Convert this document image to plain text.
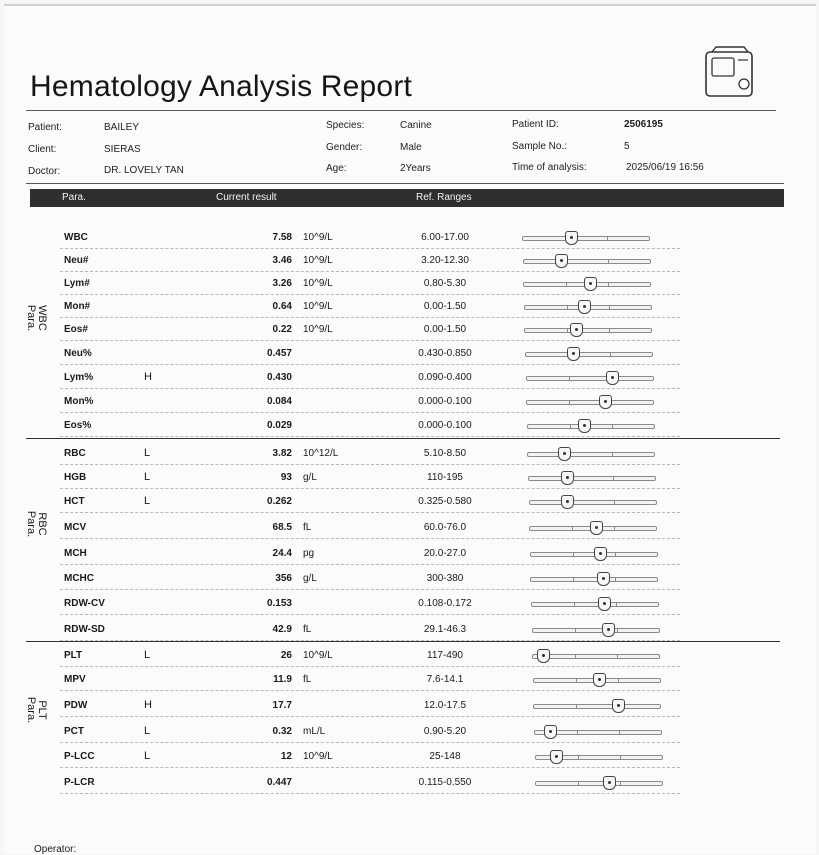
Hematology Analysis Report
Patient:	BAILEY	Species:	Canine	Patient ID:	2506195
Client:	SIERAS	Gender:	Male	Sample No.:	5
Doctor:	DR. LOVELY TAN	Age:	2Years	Time of analysis:	2025/06/19 16:56
Para.	Current result	Ref. Ranges
WBC
Para.
RBC
Para.
PLT
Para.
WBC	7.58 10^9/L	6.00-17.00
Neu#	3.46 10^9/L	3.20-12.30
Lym#	3.26 10^9/L	0.80-5.30
Mon#	0.64 10^9/L	0.00-1.50
Eos#	0.22 10^9/L	0.00-1.50
Neu%	0.457	0.430-0.850
Lym%	H	0.430	0.090-0.400
Mon%	0.084	0.000-0.100
Eos%	0.029	0.000-0.100
RBC	L	3.82 10^12/L	5.10-8.50
HGB	L	93 g/L	110-195
HCT	L	0.262	0.325-0.580
MCV	68.5 fL	60.0-76.0
MCH	24.4 pg	20.0-27.0
MCHC	356 g/L	300-380
RDW-CV	0.153	0.108-0.172
RDW-SD	42.9 fL	29.1-46.3
PLT	L	26 10^9/L	117-490
MPV	11.9 fL	7.6-14.1
PDW	H	17.7	12.0-17.5
PCT	L	0.32 mL/L	0.90-5.20
P-LCC	L	12 10^9/L	25-148
P-LCR	0.447	0.115-0.550
Operator:
